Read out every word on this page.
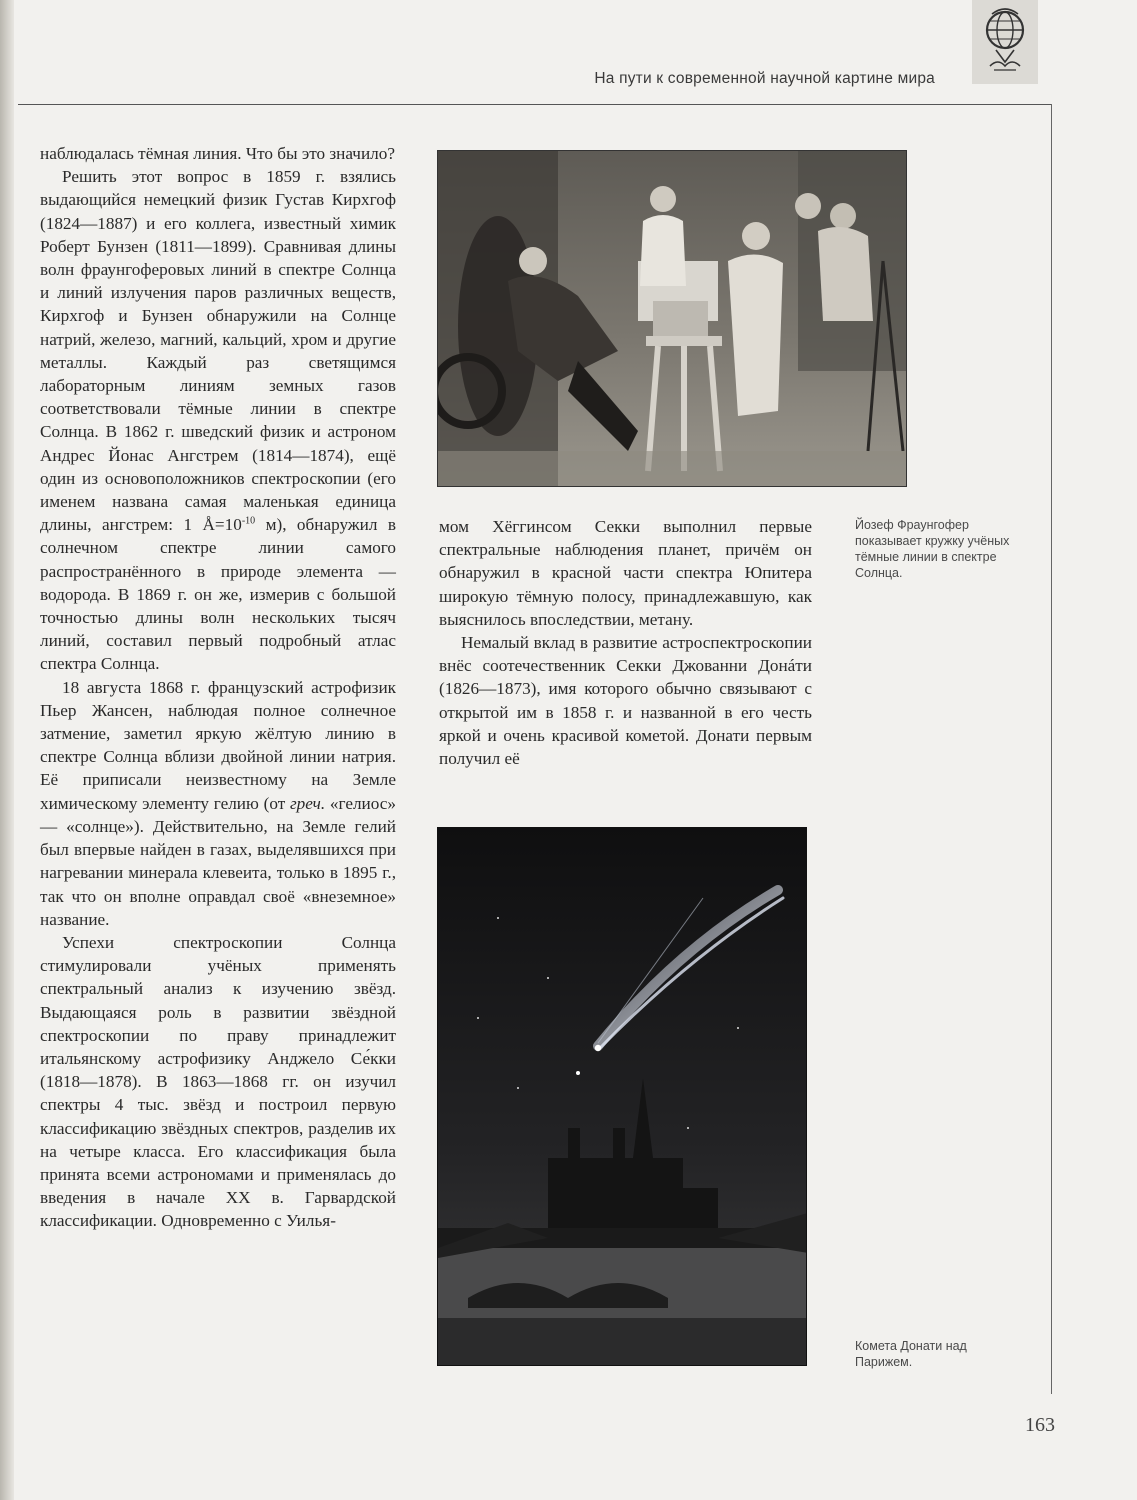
На пути к современной научной картине мира

наблюдалась тёмная линия. Что бы это значило?

Решить этот вопрос в 1859 г. взялись выдающийся немецкий физик Густав Кирхгоф (1824—1887) и его коллега, известный химик Роберт Бунзен (1811—1899). Сравнивая длины волн фраунгоферовых линий в спектре Солнца и линий излучения паров различных веществ, Кирхгоф и Бунзен обнаружили на Солнце натрий, железо, магний, кальций, хром и другие металлы. Каждый раз светящимся лабораторным линиям земных газов соответствовали тёмные линии в спектре Солнца. В 1862 г. шведский физик и астроном Андрес Йонас Ангстрем (1814—1874), ещё один из основоположников спектроскопии (его именем названа самая маленькая единица длины, ангстрем: 1 $Å=10^{-10}$ м), обнаружил в солнечном спектре линии самого распространённого в природе элемента — водорода. В 1869 г. он же, измерив с большой точностью длины волн нескольких тысяч линий, составил первый подробный атлас спектра Солнца.

18 августа 1868 г. французский астрофизик Пьер Жансен, наблюдая полное солнечное затмение, заметил яркую жёлтую линию в спектре Солнца вблизи двойной линии натрия. Её приписали неизвестному на Земле химическому элементу гелию (от греч. «гелиос» — «солнце»). Действительно, на Земле гелий был впервые найден в газах, выделявшихся при нагревании минерала клевеита, только в 1895 г., так что он вполне оправдал своё «внеземное» название.

Успехи спектроскопии Солнца стимулировали учёных применять спектральный анализ к изучению звёзд. Выдающаяся роль в развитии звёздной спектроскопии по праву принадлежит итальянскому астрофизику Анджело Се́кки (1818—1878). В 1863—1868 гг. он изучил спектры 4 тыс. звёзд и построил первую классификацию звёздных спектров, разделив их на четыре класса. Его классификация была принята всеми астрономами и применялась до введения в начале XX в. Гарвардской классификации. Одновременно с Уилья-

мом Хёггинсом Секки выполнил первые спектральные наблюдения планет, причём он обнаружил в красной части спектра Юпитера широкую тёмную полосу, принадлежавшую, как выяснилось впоследствии, метану.

Немалый вклад в развитие астроспектроскопии внёс соотечественник Секки Джованни Донáти (1826—1873), имя которого обычно связывают с открытой им в 1858 г. и названной в его честь яркой и очень красивой кометой. Донати первым получил её

Йозеф Фраунгофер показывает кружку учёных тёмные линии в спектре Солнца.
Комета Донати над Парижем.
163
